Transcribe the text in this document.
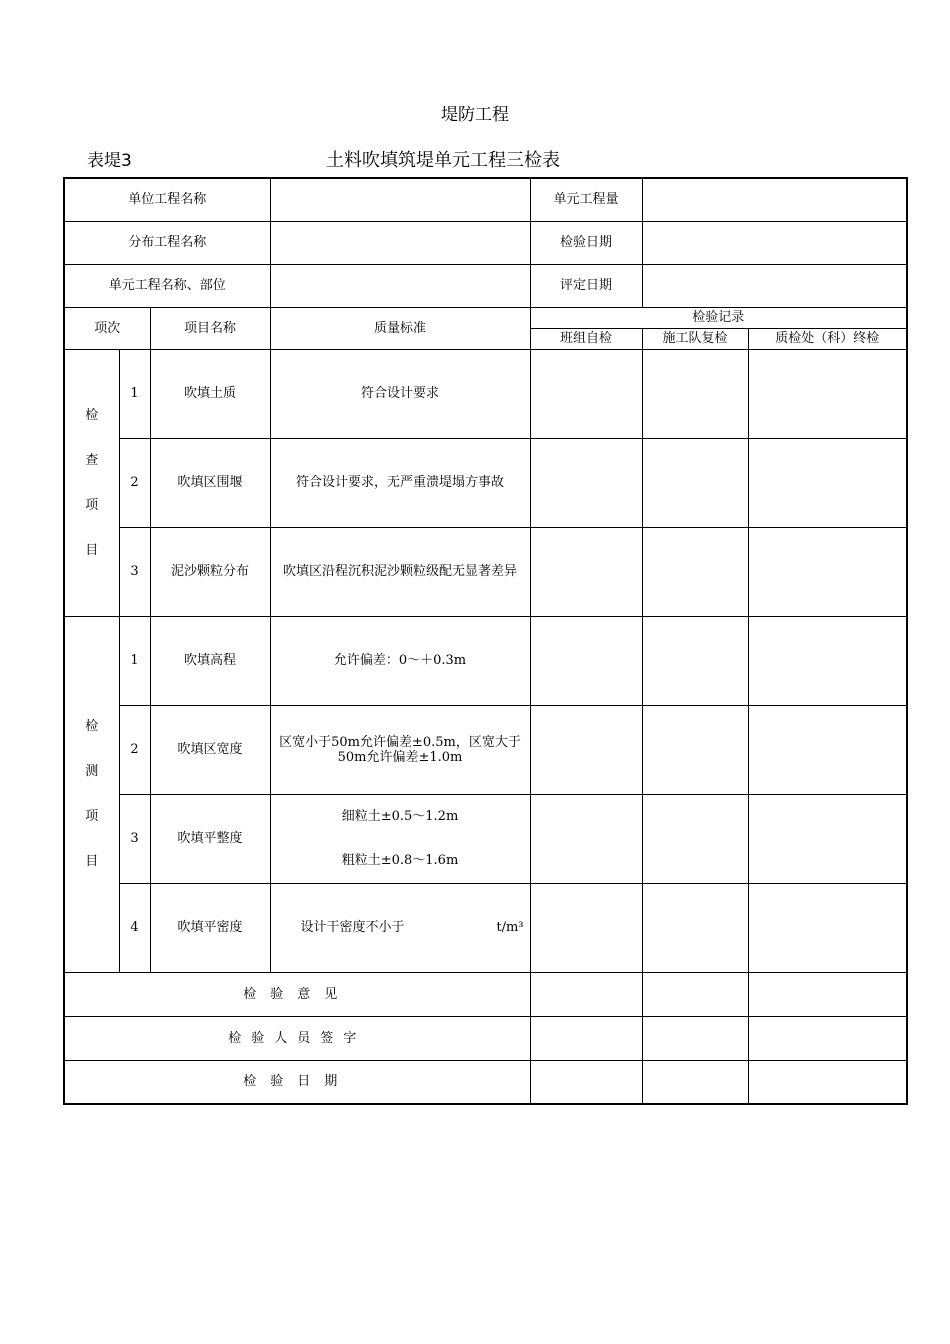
堤防工程
表堤3	土料吹填筑堤单元工程三检表
单位工程名称				单元工程量		
分布工程名称				检验日期		
单元工程名称、部位				评定日期		
项次		项目名称	质量标准	检验记录		
				班组自检	施工队复检	质检处（科）终检

检
查
项
目	1	吹填土质	符合设计要求			
	2	吹填区围堰	符合设计要求，无严重溃堤塌方事故			
	3	泥沙颗粒分布	吹填区沿程沉积泥沙颗粒级配无显著差异			

检
测
项
目	1	吹填高程	允许偏差：0～＋0.3m			
	2	吹填区宽度	区宽小于50m允许偏差±0.5m，区宽大于50m允许偏差±1.0m			
	3	吹填平整度	细粒土±0.5～1.2m
粗粒土±0.8～1.6m			

	4	吹填平密度	设计干密度不小于 t/m³			

检验意见						
检验人员签字						
检验日期						
